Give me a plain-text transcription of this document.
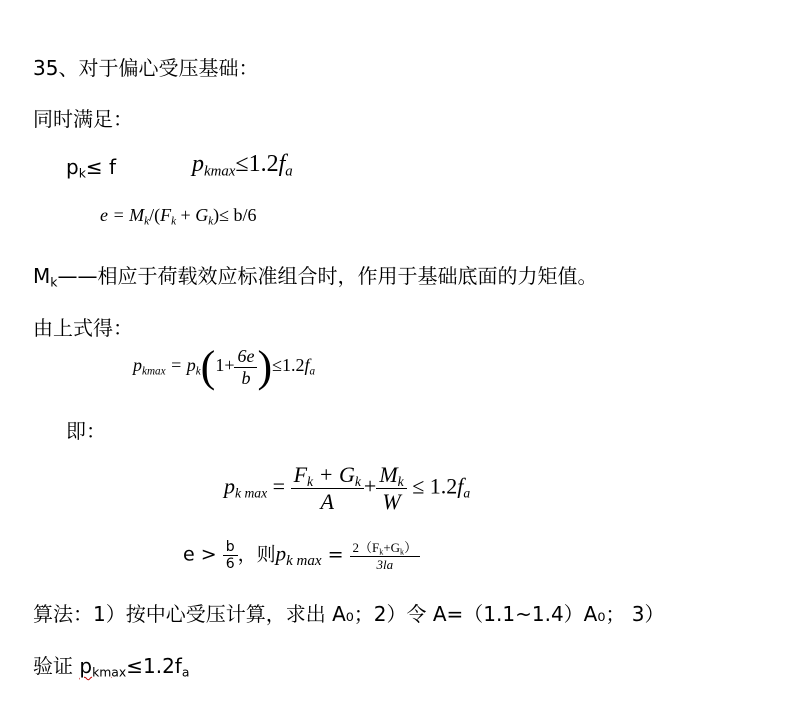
35、对于偏心受压基础：
同时满足：
$p_k\le f$	$p_{kmax}\le 1.2f_a$
$e = M_k/(F_k + G_k)\le b/6$
$M_k——$相应于荷载效应标准组合时，作用于基础底面的力矩值。
由上式得：
$p_{kmax} = p_k(1+ \frac{6e}{b} )\le 1.2f_a$
即：
$p_{k max} = \frac{F_k + G_k}{A} + \frac{M_k}{W} \le 1.2f_a$
$e > \frac{b}{6}$ ，则$p_{k max} = \frac{2(F_k+G_k)}{3la}$
算法：1）按中心受压计算，求出 A₀；2）令 A=（1.1~1.4）A₀； 3）
验证 $p_{kmax}\le 1.2f_a$
